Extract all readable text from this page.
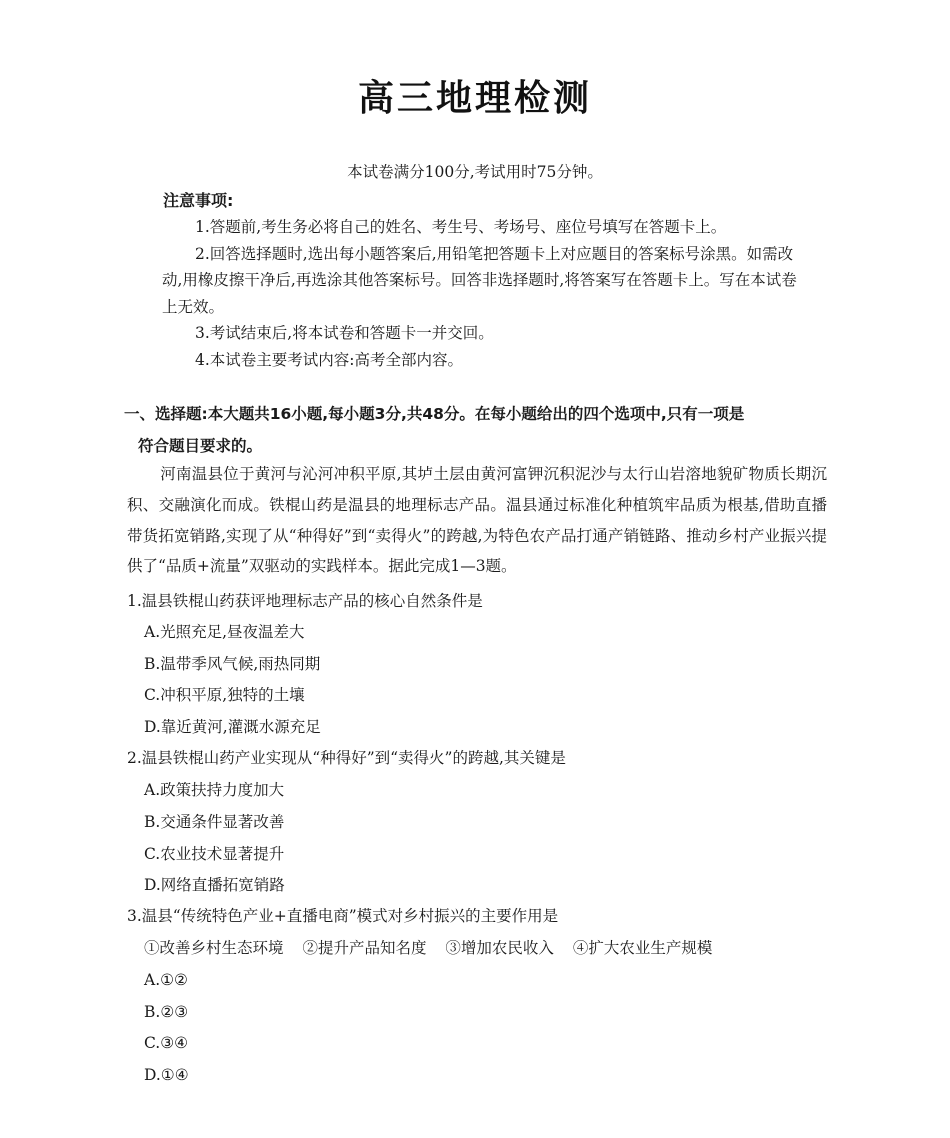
高三地理检测
本试卷满分100分,考试用时75分钟。
注意事项:

1.答题前,考生务必将自己的姓名、考生号、考场号、座位号填写在答题卡上。

2.回答选择题时,选出每小题答案后,用铅笔把答题卡上对应题目的答案标号涂黑。如需改动,用橡皮擦干净后,再选涂其他答案标号。回答非选择题时,将答案写在答题卡上。写在本试卷上无效。

3.考试结束后,将本试卷和答题卡一并交回。

4.本试卷主要考试内容:高考全部内容。

一、选择题:本大题共16小题,每小题3分,共48分。在每小题给出的四个选项中,只有一项是
符合题目要求的。
河南温县位于黄河与沁河冲积平原,其垆土层由黄河富钾沉积泥沙与太行山岩溶地貌矿物质长期沉积、交融演化而成。铁棍山药是温县的地理标志产品。温县通过标准化种植筑牢品质为根基,借助直播带货拓宽销路,实现了从“种得好”到“卖得火”的跨越,为特色农产品打通产销链路、推动乡村产业振兴提供了“品质+流量”双驱动的实践样本。据此完成1—3题。
1.温县铁棍山药获评地理标志产品的核心自然条件是
A.光照充足,昼夜温差大
B.温带季风气候,雨热同期
C.冲积平原,独特的土壤
D.靠近黄河,灌溉水源充足
2.温县铁棍山药产业实现从“种得好”到“卖得火”的跨越,其关键是
A.政策扶持力度加大
B.交通条件显著改善
C.农业技术显著提升
D.网络直播拓宽销路
3.温县“传统特色产业+直播电商”模式对乡村振兴的主要作用是
①改善乡村生态环境 ②提升产品知名度 ③增加农民收入 ④扩大农业生产规模
A.①②
B.②③
C.③④
D.①④
